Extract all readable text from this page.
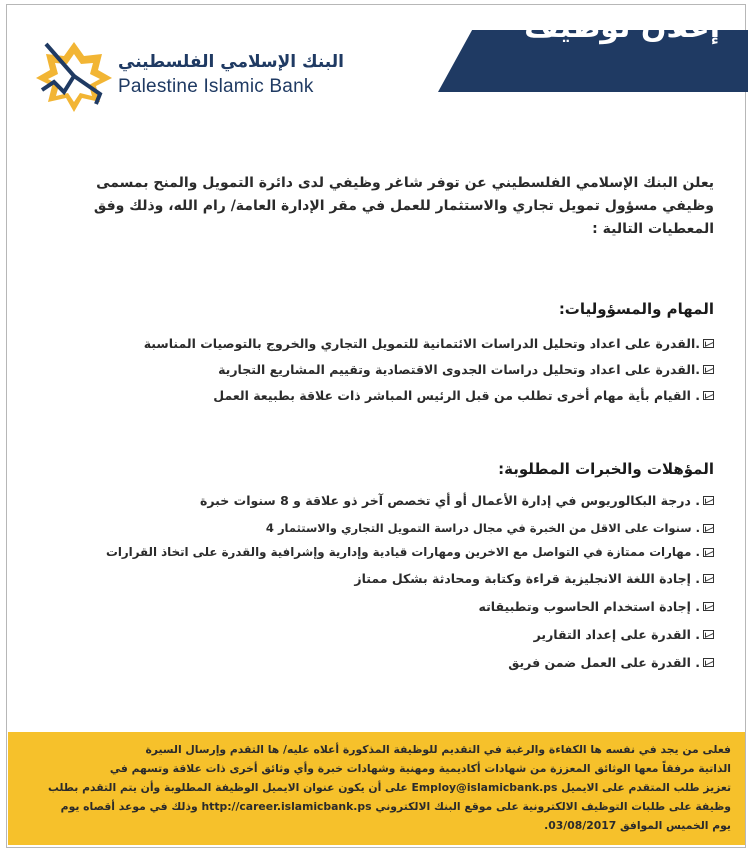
البنك الإسلامي الفلسطيني
Palestine Islamic Bank
إعلان توظيف
يعلن البنك الإسلامي الفلسطيني عن توفر شاغر وظيفي لدى دائرة التمويل والمنح بمسمى
وظيفي مسؤول تمويل تجاري والاستثمار للعمل في مقر الإدارة العامة/ رام الله، وذلك وفق
المعطيات التالية :
المهام والمسؤوليات:
القدرة على اعداد وتحليل الدراسات الائتمانية للتمويل التجاري والخروج بالتوصيات المناسبة.
القدرة على اعداد وتحليل دراسات الجدوى الاقتصادية وتقييم المشاريع التجارية.
القيام بأية مهام أخرى تطلب من قبل الرئيس المباشر ذات علاقة بطبيعة العمل .
المؤهلات والخبرات المطلوبة:
درجة البكالوريوس في إدارة الأعمال أو أي تخصص آخر ذو علاقة و 8 سنوات خبرة .
4 سنوات على الاقل من الخبرة في مجال دراسة التمويل التجاري والاستثمار .
مهارات ممتازة في التواصل مع الاخرين ومهارات قيادية وإدارية وإشرافية والقدرة على اتخاذ القرارات .
إجادة اللغة الانجليزية قراءة وكتابة ومحادثة بشكل ممتاز .
إجادة استخدام الحاسوب وتطبيقاته .
القدرة على إعداد التقارير .
القدرة على العمل ضمن فريق .
فعلى من يجد في نفسه ها الكفاءة والرغبة في التقديم للوظيفة المذكورة أعلاه عليه/ ها التقدم وإرسال السيرة
الذاتية مرفقاً معها الوثائق المعززة من شهادات أكاديمية ومهنية وشهادات خبرة وأي وثائق أخرى ذات علاقة وتسهم في
تعزيز طلب المتقدم على الايميل Employ@islamicbank.ps على أن يكون عنوان الايميل الوظيفة المطلوبة وأن يتم التقدم بطلب
وظيفة على طلبات التوظيف الالكترونية على موقع البنك الالكتروني http://career.islamicbank.ps وذلك في موعد أقصاه يوم
يوم الخميس الموافق 03/08/2017.
